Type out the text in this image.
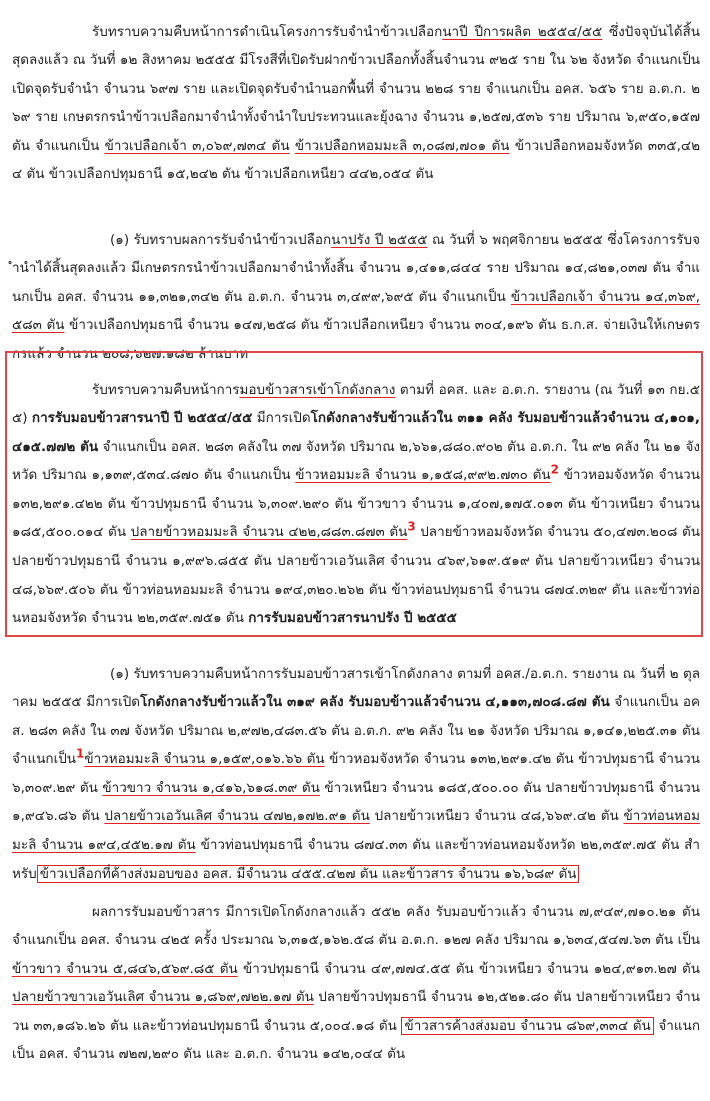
รับทราบความคืบหน้าการดำเนินโครงการรับจำนำข้าวเปลือกนาปี ปีการผลิต ๒๕๕๔/๕๕ ซึ่งปัจจุบันได้สิ้นสุดลงแล้ว ณ วันที่ ๑๒ สิงหาคม ๒๕๕๕ มีโรงสีที่เปิดรับฝากข้าวเปลือกทั้งสิ้นจำนวน ๙๒๕ ราย ใน ๖๒ จังหวัด จำแนกเป็นเปิดจุดรับจำนำ จำนวน ๖๙๗ ราย และเปิดจุดรับจำนำนอกพื้นที่ จำนวน ๒๒๘ ราย จำแนกเป็น อคส. ๖๕๖ ราย อ.ต.ก. ๒๖๙ ราย เกษตรกรนำข้าวเปลือกมาจำนำทั้งจำนำใบประทวนและยุ้งฉาง จำนวน ๑,๒๕๗,๕๓๖ ราย ปริมาณ ๖,๙๕๐,๑๕๗ ตัน จำแนกเป็น ข้าวเปลือกเจ้า ๓,๐๖๙,๗๓๔ ตัน ข้าวเปลือกหอมมะลิ ๓,๐๘๗,๗๐๑ ตัน ข้าวเปลือกหอมจังหวัด ๓๓๕,๔๒๔ ตัน ข้าวเปลือกปทุมธานี ๑๕,๒๔๒ ตัน ข้าวเปลือกเหนียว ๔๔๒,๐๕๔ ตัน

(๑) รับทราบผลการรับจำนำข้าวเปลือกนาปรัง ปี ๒๕๕๕ ณ วันที่ ๖ พฤศจิกายน ๒๕๕๕ ซึ่งโครงการรับจำนำได้สิ้นสุดลงแล้ว มีเกษตรกรนำข้าวเปลือกมาจำนำทั้งสิ้น จำนวน ๑,๔๑๑,๘๔๔ ราย ปริมาณ ๑๔,๘๒๑,๐๓๗ ตัน จำแนกเป็น อคส. จำนวน ๑๑,๓๒๑,๓๔๒ ตัน อ.ต.ก. จำนวน ๓,๔๙๙,๖๙๕ ตัน จำแนกเป็น ข้าวเปลือกเจ้า จำนวน ๑๔,๓๖๙,๕๘๓ ตัน ข้าวเปลือกปทุมธานี จำนวน ๑๔๗,๒๕๘ ตัน ข้าวเปลือกเหนียว จำนวน ๓๐๔,๑๙๖ ตัน ธ.ก.ส. จ่ายเงินให้เกษตรกรแล้ว จำนวน ๒๐๘,๖๒๗.๑๘๒ ล้านบาท

รับทราบความคืบหน้าการมอบข้าวสารเข้าโกดังกลาง ตามที่ อคส. และ อ.ต.ก. รายงาน (ณ วันที่ ๑๓ กย.๕๕) การรับมอบข้าวสารนาปี ปี ๒๕๕๔/๕๕ มีการเปิดโกดังกลางรับข้าวแล้วใน ๓๑๑ คลัง รับมอบข้าวแล้วจำนวน ๔,๑๐๑,๔๑๕.๗๗๒ ตัน จำแนกเป็น อคส. ๒๘๓ คลังใน ๓๗ จังหวัด ปริมาณ ๒,๖๖๑,๘๘๐.๙๐๒ ตัน อ.ต.ก. ใน ๙๒ คลัง ใน ๒๑ จังหวัด ปริมาณ ๑,๑๓๙,๕๓๔.๘๗๐ ตัน จำแนกเป็น ข้าวหอมมะลิ จำนวน ๑,๑๕๘,๙๙๒.๗๓๐ ตัน2 ข้าวหอมจังหวัด จำนวน ๑๓๒,๒๙๑.๔๒๒ ตัน ข้าวปทุมธานี จำนวน ๖,๓๐๙.๒๙๐ ตัน ข้าวขาว จำนวน ๑,๔๐๗,๑๗๕.๐๑๓ ตัน ข้าวเหนียว จำนวน ๑๘๕,๕๐๐.๐๑๔ ตัน ปลายข้าวหอมมะลิ จำนวน ๔๒๒,๘๘๓.๘๗๓ ตัน3 ปลายข้าวหอมจังหวัด จำนวน ๕๐,๔๗๓.๒๐๘ ตัน ปลายข้าวปทุมธานี จำนวน ๑,๙๙๖.๘๕๕ ตัน ปลายข้าวเอวันเลิศ จำนวน ๔๖๙,๖๑๙.๕๑๙ ตัน ปลายข้าวเหนียว จำนวน ๔๘,๖๖๙.๕๐๖ ตัน ข้าวท่อนหอมมะลิ จำนวน ๑๙๔,๓๒๐.๒๖๒ ตัน ข้าวท่อนปทุมธานี จำนวน ๘๗๔.๓๒๙ ตัน และข้าวท่อนหอมจังหวัด จำนวน ๒๒,๓๕๙.๗๕๑ ตัน การรับมอบข้าวสารนาปรัง ปี ๒๕๕๕

(๑) รับทราบความคืบหน้าการรับมอบข้าวสารเข้าโกดังกลาง ตามที่ อคส./อ.ต.ก. รายงาน ณ วันที่ ๒ ตุลาคม ๒๕๕๕ มีการเปิดโกดังกลางรับข้าวแล้วใน ๓๑๙ คลัง รับมอบข้าวแล้วจำนวน ๔,๑๑๓,๗๐๘.๘๗ ตัน จำแนกเป็น อคส. ๒๘๓ คลัง ใน ๓๗ จังหวัด ปริมาณ ๒,๙๗๒,๔๘๓.๕๖ ตัน อ.ต.ก. ๙๒ คลัง ใน ๒๑ จังหวัด ปริมาณ ๑,๑๔๑,๒๒๕.๓๑ ตัน จำแนกเป็น1ข้าวหอมมะลิ จำนวน ๑,๑๕๙,๐๑๖.๖๖ ตัน ข้าวหอมจังหวัด จำนวน ๑๓๒,๒๙๑.๔๒ ตัน ข้าวปทุมธานี จำนวน ๖,๓๐๙.๒๙ ตัน ข้าวขาว จำนวน ๑,๔๑๖,๖๑๘.๓๙ ตัน ข้าวเหนียว จำนวน ๑๘๕,๕๐๐.๐๐ ตัน ปลายข้าวปทุมธานี จำนวน ๑,๙๔๖.๘๖ ตัน ปลายข้าวเอวันเลิศ จำนวน ๔๗๒,๑๗๒.๙๑ ตัน ปลายข้าวเหนียว จำนวน ๔๘,๖๖๙.๔๒ ตัน ข้าวท่อนหอมมะลิ จำนวน ๑๙๔,๔๕๒.๑๗ ตัน ข้าวท่อนปทุมธานี จำนวน ๘๗๔.๓๓ ตัน และข้าวท่อนหอมจังหวัด ๒๒,๓๕๙.๗๕ ตัน สำหรับ ข้าวเปลือกที่ค้างส่งมอบของ อคส. มีจำนวน ๔๕๕.๔๒๗ ตัน และข้าวสาร จำนวน ๑๖,๖๘๙ ตัน

ผลการรับมอบข้าวสาร มีการเปิดโกดังกลางแล้ว ๕๕๒ คลัง รับมอบข้าวแล้ว จำนวน ๗,๙๔๙,๗๑๐.๒๑ ตัน จำแนกเป็น อคส. จำนวน ๔๒๕ ครั้ง ประมาณ ๖,๓๑๕,๑๖๒.๕๘ ตัน อ.ต.ก. ๑๒๗ คลัง ปริมาณ ๑,๖๓๔,๕๔๗.๖๓ ตัน เป็นข้าวขาว จำนวน ๕,๘๔๖,๕๖๙.๘๕ ตัน ข้าวปทุมธานี จำนวน ๔๙,๗๗๔.๕๕ ตัน ข้าวเหนียว จำนวน ๑๒๔,๙๑๓.๒๗ ตัน ปลายข้าวขาวเอวันเลิศ จำนวน ๑,๘๖๙,๗๒๒.๑๗ ตัน ปลายข้าวปทุมธานี จำนวน ๑๒,๕๒๑.๘๐ ตัน ปลายข้าวเหนียว จำนวน ๓๓,๑๘๖.๒๖ ตัน และข้าวท่อนปทุมธานี จำนวน ๕,๐๐๔.๑๘ ตัน ข้าวสารค้างส่งมอบ จำนวน ๘๖๙,๓๓๔ ตัน จำแนกเป็น อคส. จำนวน ๗๒๗,๒๙๐ ตัน และ อ.ต.ก. จำนวน ๑๔๒,๐๔๔ ตัน
